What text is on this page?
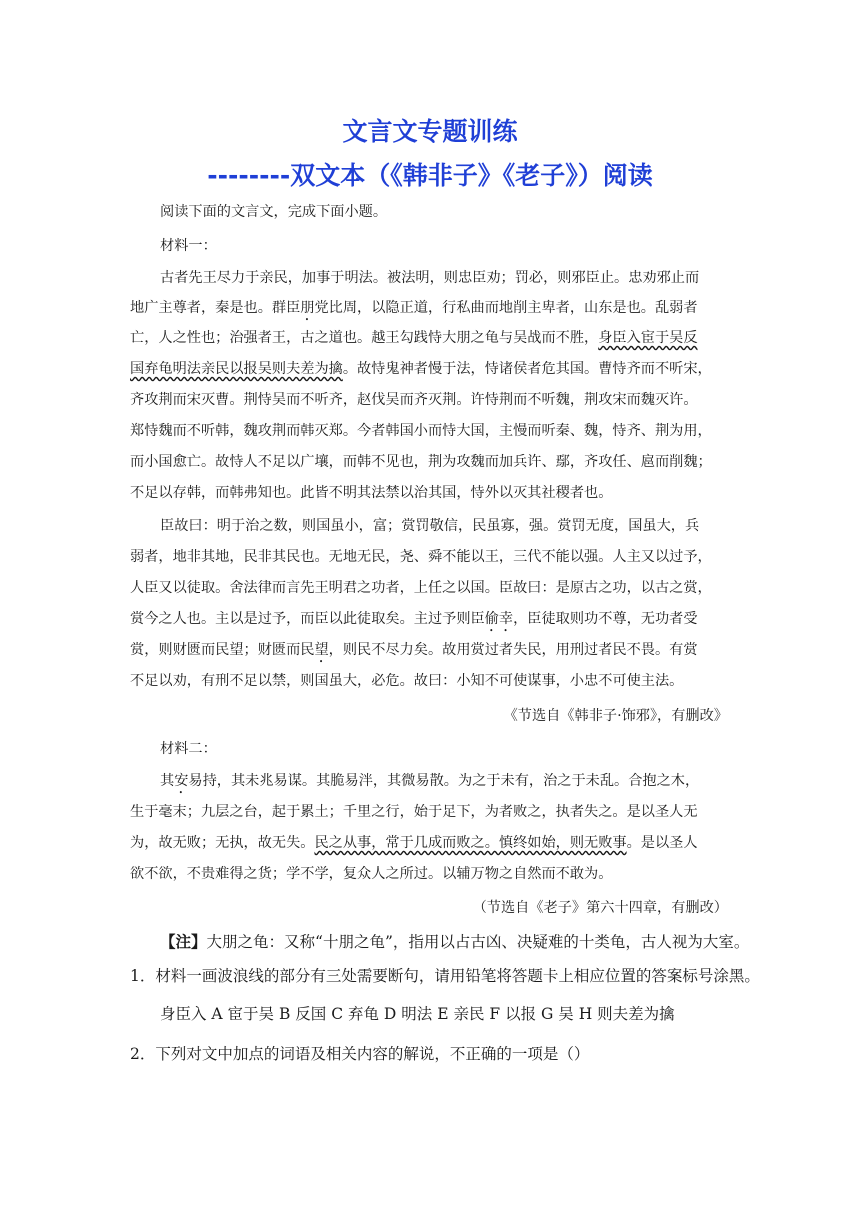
文言文专题训练
--------双文本（《韩非子》《老子》）阅读
阅读下面的文言文，完成下面小题。
材料一：
古者先王尽力于亲民，加事于明法。被法明，则忠臣劝；罚必，则邪臣止。忠劝邪止而
地广主尊者，秦是也。群臣朋党比周，以隐正道，行私曲而地削主卑者，山东是也。乱弱者
亡，人之性也；治强者王，古之道也。越王勾践恃大朋之龟与吴战而不胜，身臣入宦于吴反
国弃龟明法亲民以报吴则夫差为擒。故恃鬼神者慢于法，恃诸侯者危其国。曹恃齐而不听宋，
齐攻荆而宋灭曹。荆恃吴而不听齐，赵伐吴而齐灭荆。许恃荆而不听魏，荆攻宋而魏灭许。
郑恃魏而不听韩，魏攻荆而韩灭郑。今者韩国小而恃大国，主慢而听秦、魏，恃齐、荆为用，
而小国愈亡。故恃人不足以广壤，而韩不见也，荆为攻魏而加兵许、鄢，齐攻任、扈而削魏；
不足以存韩，而韩弗知也。此皆不明其法禁以治其国，恃外以灭其社稷者也。
臣故曰：明于治之数，则国虽小，富；赏罚敬信，民虽寡，强。赏罚无度，国虽大，兵
弱者，地非其地，民非其民也。无地无民，尧、舜不能以王，三代不能以强。人主又以过予，
人臣又以徒取。舍法律而言先王明君之功者，上任之以国。臣故曰：是原古之功，以古之赏，
赏今之人也。主以是过予，而臣以此徒取矣。主过予则臣偷幸，臣徒取则功不尊，无功者受
赏，则财匮而民望；财匮而民望，则民不尽力矣。故用赏过者失民，用刑过者民不畏。有赏
不足以劝，有刑不足以禁，则国虽大，必危。故曰：小知不可使谋事，小忠不可使主法。
《节选自《韩非子·饰邪》，有删改》
材料二：
其安易持，其未兆易谋。其脆易泮，其微易散。为之于未有，治之于未乱。合抱之木，
生于毫末；九层之台，起于累土；千里之行，始于足下，为者败之，执者失之。是以圣人无
为，故无败；无执，故无失。民之从事，常于几成而败之。慎终如始，则无败事。是以圣人
欲不欲，不贵难得之货；学不学，复众人之所过。以辅万物之自然而不敢为。
（节选自《老子》第六十四章，有删改）
【注】大朋之龟：又称“十朋之龟”，指用以占古凶、决疑难的十类龟，古人视为大室。
1．材料一画波浪线的部分有三处需要断句，请用铅笔将答题卡上相应位置的答案标号涂黑。
身臣入 A 宦于吴 B 反国 C 弃龟 D 明法 E 亲民 F 以报 G 吴 H 则夫差为擒
2．下列对文中加点的词语及相关内容的解说，不正确的一项是（）
